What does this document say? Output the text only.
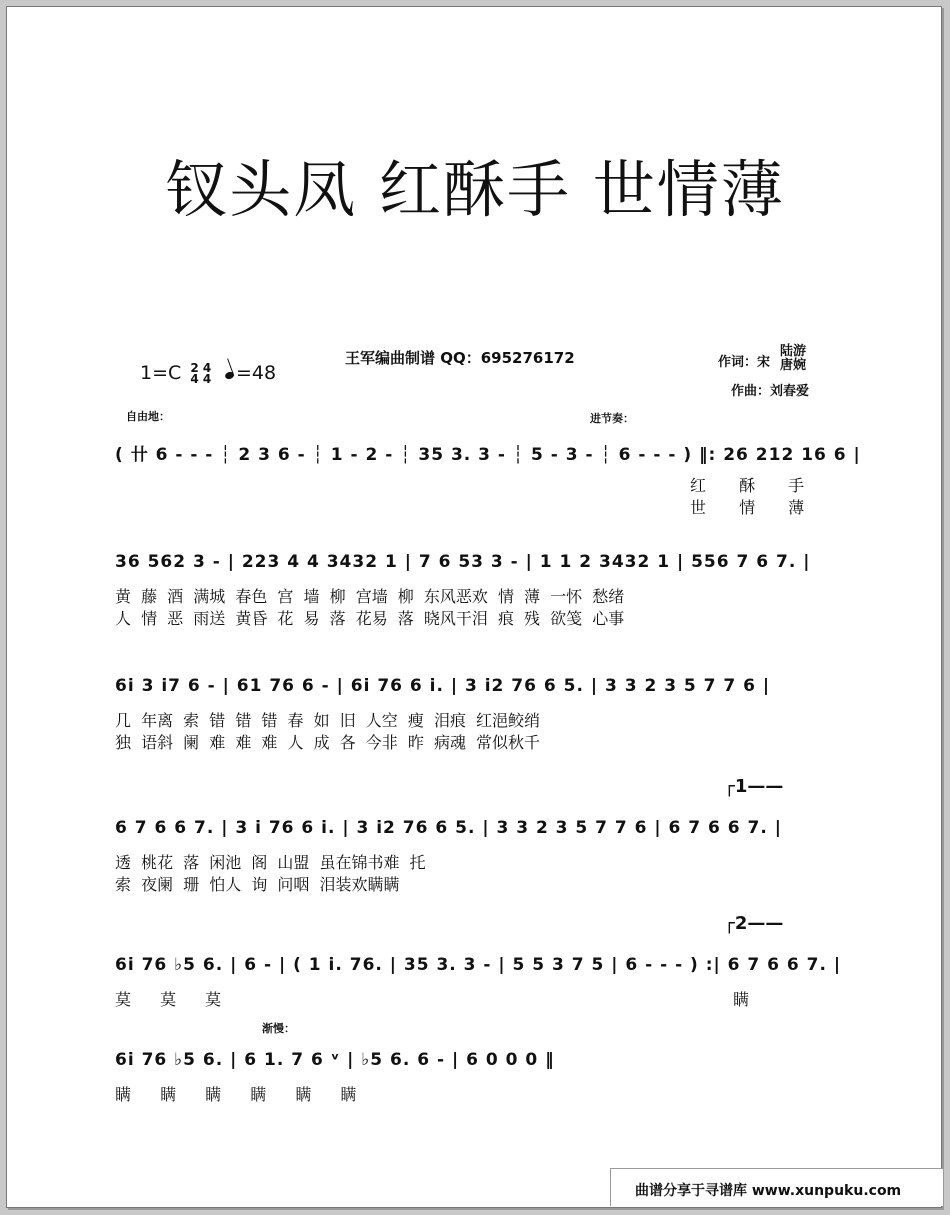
钗头凤 红酥手 世情薄
1=C 2 4
4 4	=48
王军编曲制谱 QQ：695276172	作词：宋
陆游
唐婉
作曲：刘春爱
自由地：	进节奏：
( 卄 6 - - - ┆ 2 3 6 - ┆ 1 - 2 - ┆ 35 3. 3 - ┆ 5 - 3 - ┆ 6 - - - ) ‖: 26 212 16 6 |
红 酥 手
世 情 薄
36 562 3 - | 223 4 4 3432 1 | 7 6 53 3 - | 1 1 2 3432 1 | 556 7 6 7. |
黄 藤 酒 满城 春色 宫 墙 柳 宫墙 柳 东风恶欢 情 薄 一怀 愁绪
人 情 恶 雨送 黄昏 花 易 落 花易 落 晓风干泪 痕 残 欲笺 心事
6i 3 i7 6 - | 61 76 6 - | 6i 76 6 i. | 3 i2 76 6 5. | 3 3 2 3 5 7 7 6 |
几 年离 索 错 错 错 春 如 旧 人空 瘦 泪痕 红浥鲛绡
独 语斜 阑 难 难 难 人 成 各 今非 昨 病魂 常似秋千
┌1——
6 7 6 6 7. | 3 i 76 6 i. | 3 i2 76 6 5. | 3 3 2 3 5 7 7 6 | 6 7 6 6 7. |
透 桃花 落 闲池 阁 山盟 虽在锦书难 托
索 夜阑 珊 怕人 询 问咽 泪装欢瞒瞒
┌2——
6i 76 ♭5 6. | 6 - | ( 1 i. 76. | 35 3. 3 - | 5 5 3 7 5 | 6 - - - ) :| 6 7 6 6 7. |
莫 莫 莫	瞒
渐慢：
6i 76 ♭5 6. | 6 1. 7 6 ᵛ | ♭5 6. 6 - | 6 0 0 0 ‖
瞒 瞒 瞒 瞒 瞒 瞒
曲谱分享于寻谱库 www.xunpuku.com
